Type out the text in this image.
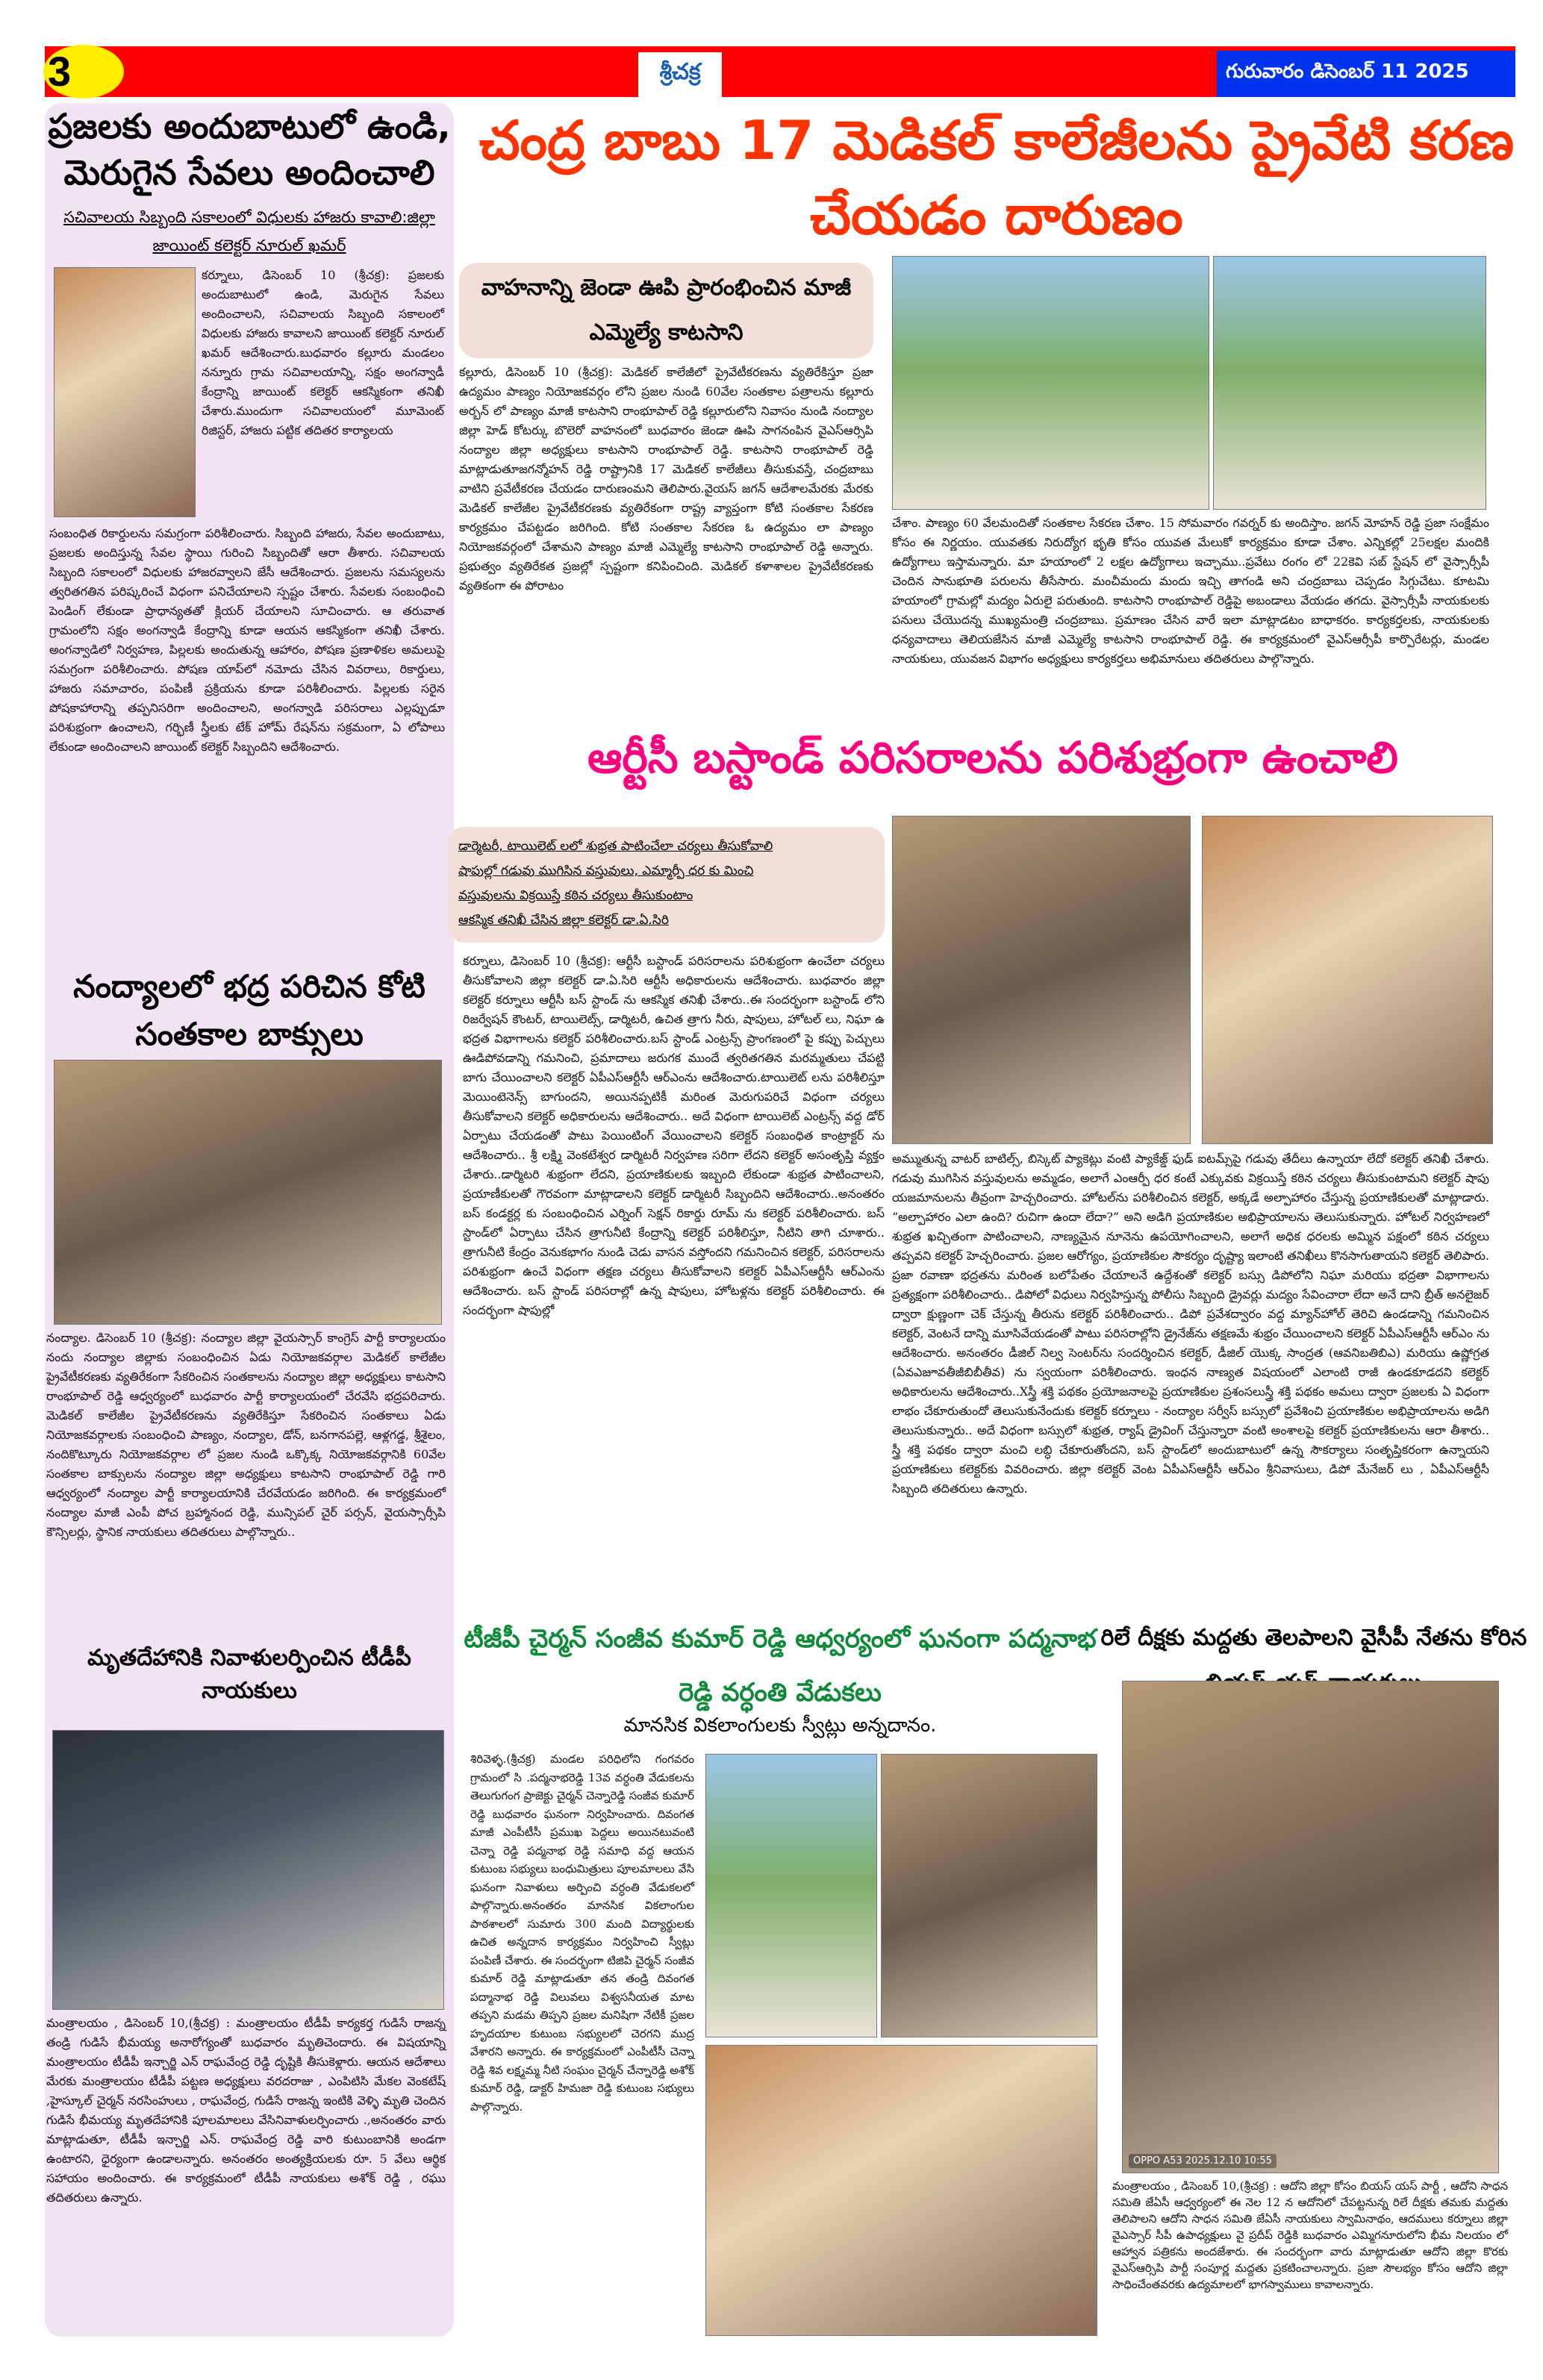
3	శ్రీచక్ర	గురువారం డిసెంబర్ 11 2025
ప్రజలకు అందుబాటులో ఉండి, మెరుగైన సేవలు అందించాలి
సచివాలయ సిబ్బంది సకాలంలో విధులకు హాజరు కావాలి:జిల్లా జాయింట్ కలెక్టర్ నూరుల్ ఖమర్
కర్నూలు, డిసెంబర్ 10 (శ్రీచక్ర): ప్రజలకు అందుబాటులో ఉండి, మెరుగైన సేవలు అందించాలని, సచివాలయ సిబ్బంది సకాలంలో విధులకు హాజరు కావాలని జాయింట్ కలెక్టర్ నూరుల్ ఖమర్ ఆదేశించారు.బుధవారం కల్లూరు మండలం నన్నూరు గ్రామ సచివాలయాన్ని, సక్షం అంగన్వాడీ కేంద్రాన్ని జాయింట్ కలెక్టర్ ఆకస్మికంగా తనిఖీ చేశారు.ముందుగా సచివాలయంలో మూమెంట్ రిజిస్టర్, హాజరు పట్టిక తదితర కార్యాలయ
సంబంధిత రికార్డులను సమగ్రంగా పరిశీలించారు. సిబ్బంది హాజరు, సేవల అందుబాటు, ప్రజలకు అందిస్తున్న సేవల స్థాయి గురించి సిబ్బందితో ఆరా తీశారు. సచివాలయ సిబ్బంది సకాలంలో విధులకు హాజరవ్వాలని జేసీ ఆదేశించారు. ప్రజలను సమస్యలను త్వరితగతిన పరిష్కరించే విధంగా పనిచేయాలని స్పష్టం చేశారు. సేవలకు సంబంధించి పెండింగ్ లేకుండా ప్రాధాన్యతతో క్లియర్ చేయాలని సూచించారు. ఆ తరువాత గ్రామంలోని సక్షం అంగన్వాడి కేంద్రాన్ని కూడా ఆయన ఆకస్మికంగా తనిఖీ చేశారు. అంగన్వాడిలో నిర్వహణ, పిల్లలకు అందుతున్న ఆహారం, పోషణ ప్రణాళికల అమలుపై సమగ్రంగా పరిశీలించారు. పోషణ యాప్‌లో నమోదు చేసిన వివరాలు, రికార్డులు, హాజరు సమాచారం, పంపిణీ ప్రక్రియను కూడా పరిశీలించారు. పిల్లలకు సరైన పోషకాహారాన్ని తప్పనిసరిగా అందించాలని, అంగన్వాడి పరిసరాలు ఎల్లప్పుడూ పరిశుభ్రంగా ఉంచాలని, గర్భిణీ స్త్రీలకు టేక్ హోమ్ రేషన్‌ను సక్రమంగా, ఏ లోపాలు లేకుండా అందించాలని జాయింట్ కలెక్టర్ సిబ్బందిని ఆదేశించారు.
నంద్యాలలో భద్ర పరిచిన కోటి సంతకాల బాక్సులు
నంద్యాల. డిసెంబర్ 10 (శ్రీచక్ర): నంద్యాల జిల్లా వైయస్సార్ కాంగ్రెస్ పార్టీ కార్యాలయం నందు నంద్యాల జిల్లాకు సంబంధించిన ఏడు నియోజకవర్గాల మెడికల్ కాలేజీల ప్రైవేటీకరణకు వ్యతిరేకంగా సేకరించిన సంతకాలను నంద్యాల జిల్లా అధ్యక్షులు కాటసాని రాంభూపాల్ రెడ్డి ఆధ్వర్యంలో బుధవారం పార్టీ కార్యాలయంలో చేరవేసి భద్రపరిచారు. మెడికల్ కాలేజీల ప్రైవేటీకరణను వ్యతిరేకిస్తూ సేకరించిన సంతకాలు ఏడు నియోజకవర్గాలకు సంబంధించి పాణ్యం, నంద్యాల, డోన్, బనగానపల్లె, ఆళ్లగడ్డ, శ్రీశైలం, నందికొట్కూరు నియోజకవర్గాల లో ప్రజల నుండి ఒక్కొక్క నియోజకవర్గానికి 60వేల సంతకాల బాక్సులను నంద్యాల జిల్లా అధ్యక్షులు కాటసాని రాంభూపాల్ రెడ్డి గారి ఆధ్వర్యంలో నంద్యాల పార్టీ కార్యాలయానికి చేరవేయడం జరిగింది. ఈ కార్యక్రమంలో నంద్యాల మాజీ ఎంపీ పోచ బ్రహ్మానంద రెడ్డి, మున్సిపల్ చైర్ పర్సన్, వైయస్సార్సీపి కౌన్సిలర్లు, స్థానిక నాయకులు తదితరులు పాల్గొన్నారు..
మృతదేహానికి నివాళులర్పించిన టీడీపీ నాయకులు
మంత్రాలయం , డిసెంబర్ 10,(శ్రీచక్ర) : మంత్రాలయం టీడీపీ కార్యకర్త గుడిసే రాజన్న తండ్రి గుడిసే భీమయ్య అనారోగ్యంతో బుధవారం మృతిచెందారు. ఈ విషయాన్ని మంత్రాలయం టీడీపీ ఇన్చార్జి ఎన్ రాఘవేంద్ర రెడ్డి దృష్టికి తీసుకెళ్లారు. ఆయన ఆదేశాలు మేరకు మంత్రాలయం టీడీపీ పట్టణ అధ్యక్షులు వరదరాజు , ఎంపిటిసి మేకల వెంకటేష్ ,హైస్కూల్ చైర్మన్ నరసింహులు , రాఘవేంద్ర, గుడిసే రాజన్న ఇంటికి వెళ్ళి మృతి చెందిన గుడిసే భీమయ్య మృతదేహానికి పూలమాలలు వేసినివాళులర్పించారు .,అనంతరం వారు మాట్లాడుతూ, టీడీపీ ఇన్చార్జి ఎన్. రాఘవేంద్ర రెడ్డి వారి కుటుంబానికి అండగా ఉంటారని, ధైర్యంగా ఉండాలన్నారు. అనంతరం అంత్యక్రియలకు రూ. 5 వేలు ఆర్థిక సహాయం అందించారు. ఈ కార్యక్రమంలో టీడీపీ నాయకులు అశోక్ రెడ్డి , రఘు తదితరులు ఉన్నారు.
చంద్ర బాబు 17 మెడికల్ కాలేజీలను ప్రైవేటి కరణ చేయడం దారుణం
వాహనాన్ని జెండా ఊపి ప్రారంభించిన మాజీ ఎమ్మెల్యే కాటసాని
కల్లూరు, డిసెంబర్ 10 (శ్రీచక్ర): మెడికల్ కాలేజీలో ప్రైవేటీకరణను వ్యతిరేకిస్తూ ప్రజా ఉద్యమం పాణ్యం నియోజకవర్గం లోని ప్రజల నుండి 60వేల సంతకాల పత్రాలను కల్లూరు అర్బన్ లో పాణ్యం మాజీ కాటసాని రాంభూపాల్ రెడ్డి కల్లూరులోని నివాసం నుండి నంద్యాల జిల్లా హెడ్ కోటర్కు బొలెరో వాహనంలో బుధవారం జెండా ఊపి సాగనంపిన వైఎస్ఆర్సిపి నంద్యాల జిల్లా అధ్యక్షులు కాటసాని రాంభూపాల్ రెడ్డి. కాటసాని రాంభూపాల్ రెడ్డి మాట్లాడుతూజగన్మోహన్ రెడ్డి రాష్ట్రానికి 17 మెడికల్ కాలేజీలు తీసుకువస్తే, చంద్రబాబు వాటిని ప్రవేటీకరణ చేయడం దారుణంమని తెలిపారు.వైయస్ జగన్ ఆదేశాలమేరకు మేరకు మెడికల్ కాలేజీల ప్రైవేటీకరణకు వ్యతిరేకంగా రాష్ట్ర వ్యాప్తంగా కోటి సంతకాల సేకరణ కార్యక్రమం చేపట్టడం జరిగింది. కోటి సంతకాల సేకరణ ఓ ఉద్యమం లా పాణ్యం నియోజకవర్గంలో చేశామని పాణ్యం మాజీ ఎమ్మెల్యే కాటసాని రాంభూపాల్ రెడ్డి అన్నారు. ప్రభుత్వం వ్యతిరేకత ప్రజల్లో స్పష్టంగా కనిపించింది. మెడికల్ కళాశాలల ప్రైవేటీకరణకు వ్యతికంగా ఈ పోరాటం
చేశాం. పాణ్యం 60 వేలమందితో సంతకాల సేకరణ చేశాం. 15 సోమవారం గవర్నర్ కు అందిస్తాం. జగన్ మోహన్ రెడ్డి ప్రజా సంక్షేమం కోసం ఈ నిర్ణయం. యువతకు నిరుద్యోగ భృతి కోసం యువత మేలుకో కార్యక్రమం కూడా చేశాం. ఎన్నికల్లో 25లక్షల మందికి ఉద్యోగాలు ఇస్తామన్నారు. మా హయాంలో 2 లక్షల ఉద్యోగాలు ఇచ్చాము..ప్రవేటు రంగం లో 22కెవి సబ్ స్టేషన్ లో వైస్సార్సీపీ చెందిన సానుభూతి పరులను తీసేసారు. మంచీమందు మందు ఇచ్చి తాగండి అని చంద్రబాబు చెప్పడం సిగ్గుచేటు. కూటమి హయాంలో గ్రామల్లో మద్యం ఏరులై పరుతుంది. కాటసాని రాంభూపాల్ రెడ్డిపై అబండాలు వేయడం తగదు. వైస్సార్సీపీ నాయకులకు పనులు చేయొదన్న ముఖ్యమంత్రి చంద్రబాబు. ప్రమాణం చేసిన వారే ఇలా మాట్లాడటం బాధాకరం. కార్యకర్తలకు, నాయకులకు ధన్యవాదాలు తెలియజేసిన మాజీ ఎమ్మెల్యే కాటసాని రాంభూపాల్ రెడ్డి. ఈ కార్యక్రమంలో వైఎస్ఆర్సీపీ కార్పొరేటర్లు, మండల నాయకులు, యువజన విభాగం అధ్యక్షులు కార్యకర్తలు అభిమానులు తదితరులు పాల్గొన్నారు.
ఆర్టీసీ బస్టాండ్ పరిసరాలను పరిశుభ్రంగా ఉంచాలి
డార్మెటరీ, టాయిలెట్ లలో శుభ్రత పాటించేలా చర్యలు తీసుకోవాలి
షాపుల్లో గడువు ముగిసిన వస్తువులు, ఎమ్మార్పీ ధర కు మించి
వస్తువులను విక్రయిస్తే కఠిన చర్యలు తీసుకుంటాం
ఆకస్మిక తనిఖీ చేసిన జిల్లా కలెక్టర్ డా.ఏ.సిరి
కర్నూలు, డిసెంబర్ 10 (శ్రీచక్ర): ఆర్టీసీ బస్టాండ్ పరిసరాలను పరిశుభ్రంగా ఉంచేలా చర్యలు తీసుకోవాలని జిల్లా కలెక్టర్ డా.ఏ.సిరి ఆర్టీసీ అధికారులను ఆదేశించారు. బుధవారం జిల్లా కలెక్టర్ కర్నూలు ఆర్టీసీ బస్ స్టాండ్ ను ఆకస్మిక తనిఖీ చేశారు..ఈ సందర్భంగా బస్టాండ్ లోని రిజర్వేషన్ కౌంటర్, టాయిలెట్స్, డార్మిటరీ, ఉచిత త్రాగు నీరు, షాపులు, హోటల్ లు, నిఘా ఉ భద్రత విభాగాలను కలెక్టర్ పరిశీలించారు.బస్ స్టాండ్ ఎంట్రన్స్ ప్రాంగణంలో పై కప్పు పెచ్చులు ఊడిపోవడాన్ని గమనించి, ప్రమాదాలు జరుగక ముందే త్వరితగతిన మరమ్మతులు చేపట్టి బాగు చేయించాలని కలెక్టర్ ఏపీఎస్ఆర్టీసీ ఆర్ఎంను ఆదేశించారు.టాయిలెట్ లను పరిశీలిస్తూ మెయింటెనెన్స్ బాగుందని, అయినప్పటికీ మరింత మెరుగుపరిచే విధంగా చర్యలు తీసుకోవాలని కలెక్టర్ అధికారులను ఆదేశించారు.. అదే విధంగా టాయిలెట్ ఎంట్రన్స్ వద్ద డోర్ ఏర్పాటు చేయడంతో పాటు పెయింటింగ్ వేయించాలని కలెక్టర్ సంబంధిత కాంట్రాక్టర్ ను ఆదేశించారు.. శ్రీ లక్ష్మి వెంకటేశ్వర డార్మిటరీ నిర్వహణ సరిగా లేదని కలెక్టర్ అసంతృప్తి వ్యక్తం చేశారు..డార్మిటరి శుభ్రంగా లేదని, ప్రయాణికులకు ఇబ్బంది లేకుండా శుభ్రత పాటించాలని, ప్రయాణీకులతో గౌరవంగా మాట్లాడాలని కలెక్టర్ డార్మిటరీ సిబ్బందిని ఆదేశించారు..అనంతరం బస్ కండక్టర్ల కు సంబంధించిన ఎర్నింగ్ సెక్షన్ రికార్డు రూమ్ ను కలెక్టర్ పరిశీలించారు. బస్ స్టాండ్‌లో ఏర్పాటు చేసిన త్రాగునీటి కేంద్రాన్ని కలెక్టర్ పరిశీలిస్తూ, నీటిని తాగి చూశారు.. త్రాగునీటి కేంద్రం వెనుకభాగం నుండి చెడు వాసన వస్తోందని గమనించిన కలెక్టర్, పరిసరాలను పరిశుభ్రంగా ఉంచే విధంగా తక్షణ చర్యలు తీసుకోవాలని కలెక్టర్ ఏపీఎస్ఆర్టీసీ ఆర్ఎంను ఆదేశించారు. బస్ స్టాండ్ పరిసరాల్లో ఉన్న షాపులు, హోటళ్లను కలెక్టర్ పరిశీలించారు. ఈ సందర్భంగా షాపుల్లో
అమ్ముతున్న వాటర్ బాటిల్స్, బిస్కెట్ ప్యాకెట్లు వంటి ప్యాకేజ్డ్ ఫుడ్ ఐటమ్స్‌పై గడువు తేదీలు ఉన్నాయా లేదో కలెక్టర్ తనిఖీ చేశారు. గడువు ముగిసిన వస్తువులను అమ్మడం, అలాగే ఎంఆర్పీ ధర కంటే ఎక్కువకు విక్రయిస్తే కఠిన చర్యలు తీసుకుంటామని కలెక్టర్ షాపు యజమానులను తీవ్రంగా హెచ్చరించారు. హోటల్‌ను పరిశీలించిన కలెక్టర్, అక్కడే అల్పాహారం చేస్తున్న ప్రయాణికులతో మాట్లాడారు. “అల్పాహారం ఎలా ఉంది? రుచిగా ఉందా లేదా?” అని అడిగి ప్రయాణికుల అభిప్రాయాలను తెలుసుకున్నారు. హోటల్ నిర్వహణలో శుభ్రత ఖచ్చితంగా పాటించాలని, నాణ్యమైన నూనెను ఉపయోగించాలని, అలాగే అధిక ధరలకు అమ్మిన పక్షంలో కఠిన చర్యలు తప్పవని కలెక్టర్ హెచ్చరించారు. ప్రజల ఆరోగ్యం, ప్రయాణికుల సౌకర్యం దృష్ట్యా ఇలాంటి తనిఖీలు కొనసాగుతాయని కలెక్టర్ తెలిపారు. ప్రజా రవాణా భద్రతను మరింత బలోపేతం చేయాలనే ఉద్దేశంతో కలెక్టర్ బస్సు డిపోలోని నిఘా మరియు భద్రతా విభాగాలను ప్రత్యక్షంగా పరిశీలించారు.. డిపోలో విధులు నిర్వహిస్తున్న పోలీసు సిబ్బంది డ్రైవర్లు మద్యం సేవించారా లేదా అనే దాని బ్రీత్ అనలైజర్ ద్వారా క్షుణ్ణంగా చెక్ చేస్తున్న తీరును కలెక్టర్ పరిశీలించారు.. డిపో ప్రవేశద్వారం వద్ద మ్యాన్‌హోల్ తెరిచి ఉండడాన్ని గమనించిన కలెక్టర్, వెంటనే దాన్ని మూసివేయడంతో పాటు పరిసరాల్లోని డ్రైనేజ్‌ను తక్షణమే శుభ్రం చేయించాలని కలెక్టర్ ఏపీఎస్ఆర్టీసీ ఆర్ఎం ను ఆదేశించారు. అనంతరం డీజిల్ నిల్వ సెంటర్‌ను సందర్శించిన కలెక్టర్, డీజిల్ యొక్క సాంద్రత (ఆవనిబతిబిఎ) మరియు ఉష్ణోగ్రత (ఏవఎజూవతీజీబిబీతీవ) ను స్వయంగా పరిశీలించారు. ఇంధన నాణ్యత విషయంలో ఎలాంటి రాజీ ఉండకూడదని కలెక్టర్ అధికారులను ఆదేశించారు..Xస్త్రీ శక్తి పథకం ప్రయోజనాలపై ప్రయాణికుల ప్రశంసలుస్త్రీ శక్తి పథకం అమలు ద్వారా ప్రజలకు ఏ విధంగా లాభం చేకూరుతుందో తెలుసుకునేందుకు కలెక్టర్ కర్నూలు - నంద్యాల సర్వీస్ బస్సులో ప్రవేశించి ప్రయాణికుల అభిప్రాయాలను అడిగి తెలుసుకున్నారు.. అదే విధంగా బస్సులో శుభ్రత, ర్యాష్ డ్రైవింగ్ చేస్తున్నారా వంటి అంశాలపై కలెక్టర్ ప్రయాణికులను ఆరా తీశారు.. స్త్రీ శక్తి పథకం ద్వారా మంచి లబ్ధి చేకూరుతోందని, బస్ స్టాండ్‌లో అందుబాటులో ఉన్న సౌకర్యాలు సంతృప్తికరంగా ఉన్నాయని ప్రయాణికులు కలెక్టర్‌కు వివరించారు. జిల్లా కలెక్టర్ వెంట ఏపీఎస్ఆర్టీసీ ఆర్ఎం శ్రీనివాసులు, డిపో మేనేజర్ లు , ఏపీఎస్ఆర్టీసీ సిబ్బంది తదితరులు ఉన్నారు.
టీజీపీ చైర్మన్ సంజీవ కుమార్ రెడ్డి ఆధ్వర్యంలో ఘనంగా పద్మనాభ రెడ్డి వర్ధంతి వేడుకలు
మానసిక వికలాంగులకు స్వీట్లు అన్నదానం.
శిరివెళ్ళ.(శ్రీచక్ర) మండల పరిధిలోని గంగవరం గ్రామంలో సి .పద్మనాభరెడ్డి 13వ వర్ధంతి వేడుకలను తెలుగుగంగ ప్రాజెక్టు చైర్మన్ చెన్నారెడ్డి సంజీవ కుమార్ రెడ్డి బుధవారం ఘనంగా నిర్వహించారు. దివంగత మాజీ ఎంపీటీసీ ప్రముఖ పెద్దలు అయినటువంటి చెన్నా రెడ్డి పద్మనాభ రెడ్డి సమాధి వద్ద ఆయన కుటుంబ సభ్యులు బంధుమిత్రులు పూలమాలలు వేసి ఘనంగా నివాళులు అర్పించి వర్ధంతి వేడుకలలో పాల్గొన్నారు.అనంతరం మానసిక వికలాంగుల పాఠశాలలో సుమారు 300 మంది విద్యార్థులకు ఉచిత అన్నదాన కార్యక్రమం నిర్వహించి స్వీట్లు పంపిణీ చేశారు. ఈ సందర్భంగా టిజిపి చైర్మన్ సంజీవ కుమార్ రెడ్డి మాట్లాడుతూ తన తండ్రి దివంగత పద్మానాభ రెడ్డి విలువలు విశ్వసనీయత మాట తప్పని మడమ తిప్పని ప్రజల మనిషిగా నేటికీ ప్రజల హృదయాల కుటుంబ సభ్యులలో చెరగని ముద్ర వేశారని అన్నారు. ఈ కార్యక్రమంలో ఎంపీటీసీ చెన్నా రెడ్డి శివ లక్ష్మమ్మ నీటి సంఘం చైర్మన్ చేన్నారెడ్డి అశోక్ కుమార్ రెడ్డి, డాక్టర్ హిమజా రెడ్డి కుటుంబ సభ్యులు పాల్గొన్నారు.
రిలే దీక్షకు మద్దతు తెలపాలని వైసీపీ నేతను కోరిన
OPPO A53 2025.12.10 10:55
మంత్రాలయం , డిసెంబర్ 10,(శ్రీచక్ర) : ఆదోని జిల్లా కోసం బియస్ యస్ పార్టీ , ఆదోని సాధన సమితి జేఏసీ ఆధ్వర్యంలో ఈ నెల 12 న ఆదోనిలో చేపట్టనున్న రిలే దీక్షకు తమకు మద్దతు తెలిపాలని ఆదోని సాధన సమితి జేఏసీ నాయకులు స్వామినాథం, ఆదములు కర్నూలు జిల్లా వైఎస్సార్ సీపీ ఉపాధ్యక్షులు వై ప్రదీప్ రెడ్డికి బుధవారం ఎమ్మిగనూరులోని భీమ నిలయం లో ఆహ్వాన పత్రికను అందజేశారు. ఈ సందర్భంగా వారు మాట్లాడుతూ ఆదోని జిల్లా కొరకు వైఎస్ఆర్సిపి పార్టీ సంపూర్ణ మద్దతు ప్రకటించాలన్నారు. ప్రజా సౌలభ్యం కోసం ఆదోని జిల్లా సాధించేంతవరకు ఉద్యమాలలో భాగస్వాములు కావాలన్నారు.
